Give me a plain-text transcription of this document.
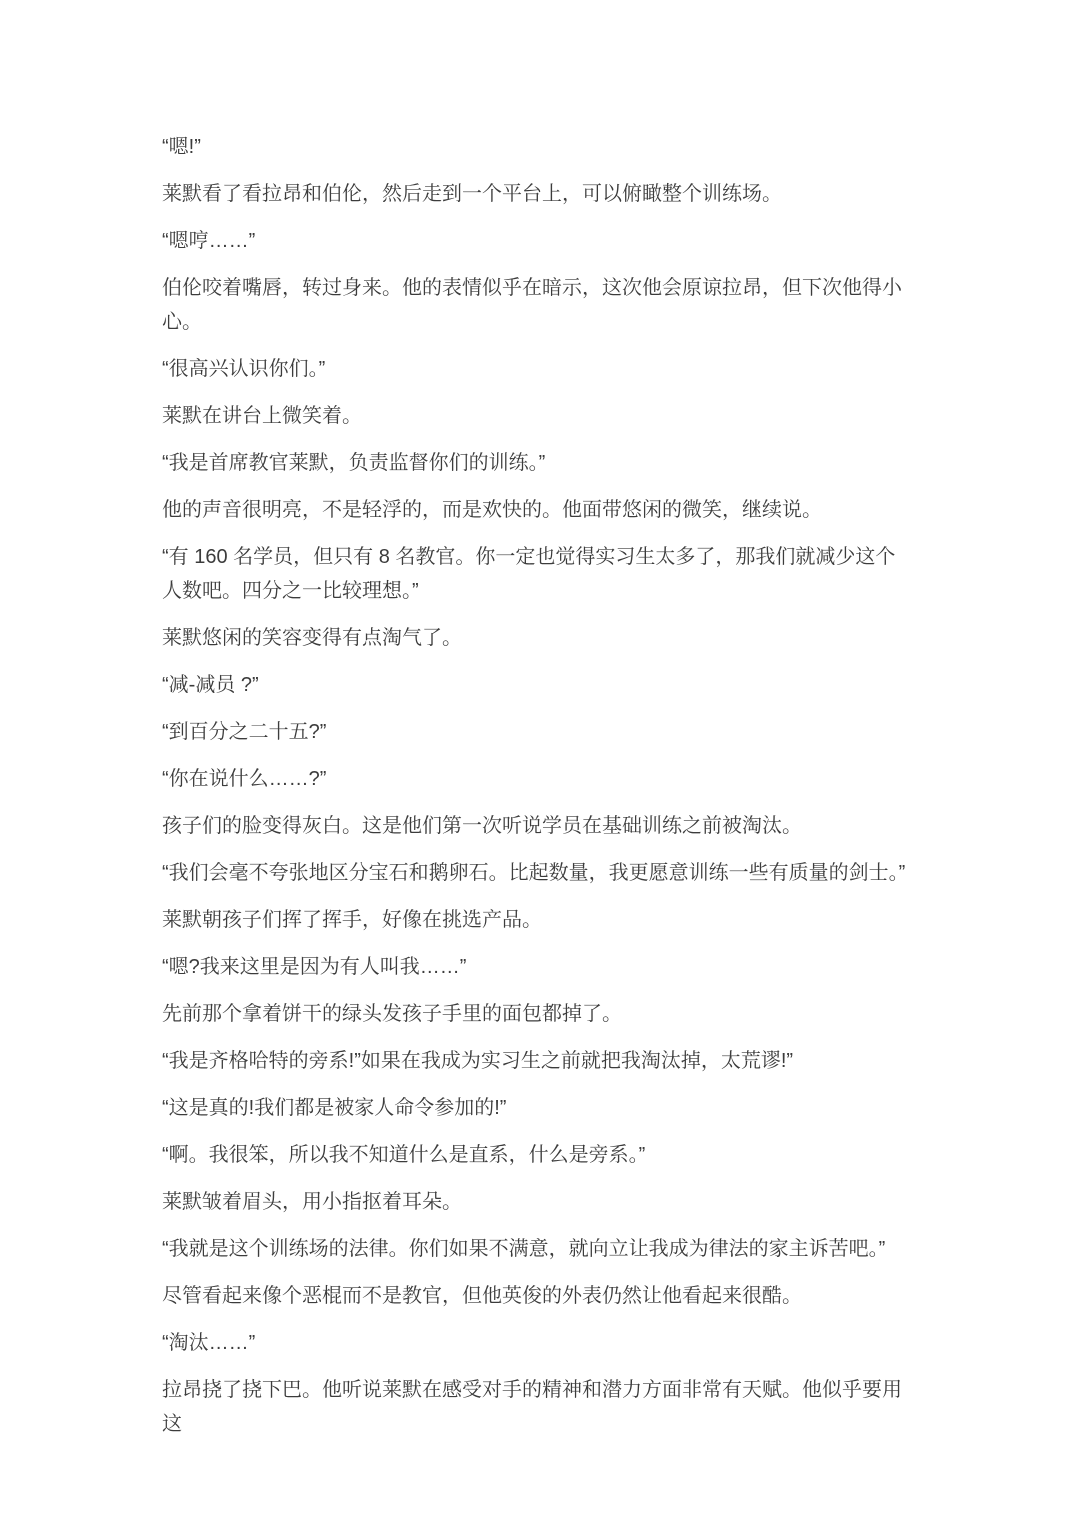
“嗯!”

莱默看了看拉昂和伯伦，然后走到一个平台上，可以俯瞰整个训练场。

“嗯哼……”

伯伦咬着嘴唇，转过身来。他的表情似乎在暗示，这次他会原谅拉昂，但下次他得小心。

“很高兴认识你们。”

莱默在讲台上微笑着。

“我是首席教官莱默，负责监督你们的训练。”

他的声音很明亮，不是轻浮的，而是欢快的。他面带悠闲的微笑，继续说。

“有 160 名学员，但只有 8 名教官。你一定也觉得实习生太多了，那我们就减少这个人数吧。四分之一比较理想。”

莱默悠闲的笑容变得有点淘气了。

“减-减员 ?”

“到百分之二十五?”

“你在说什么……?”

孩子们的脸变得灰白。这是他们第一次听说学员在基础训练之前被淘汰。

“我们会毫不夸张地区分宝石和鹅卵石。比起数量，我更愿意训练一些有质量的剑士。”

莱默朝孩子们挥了挥手，好像在挑选产品。

“嗯?我来这里是因为有人叫我……”

先前那个拿着饼干的绿头发孩子手里的面包都掉了。

“我是齐格哈特的旁系!”如果在我成为实习生之前就把我淘汰掉，太荒谬!”

“这是真的!我们都是被家人命令参加的!”

“啊。我很笨，所以我不知道什么是直系，什么是旁系。”

莱默皱着眉头，用小指抠着耳朵。

“我就是这个训练场的法律。你们如果不满意，就向立让我成为律法的家主诉苦吧。”

尽管看起来像个恶棍而不是教官，但他英俊的外表仍然让他看起来很酷。

“淘汰……”

拉昂挠了挠下巴。他听说莱默在感受对手的精神和潜力方面非常有天赋。他似乎要用这
